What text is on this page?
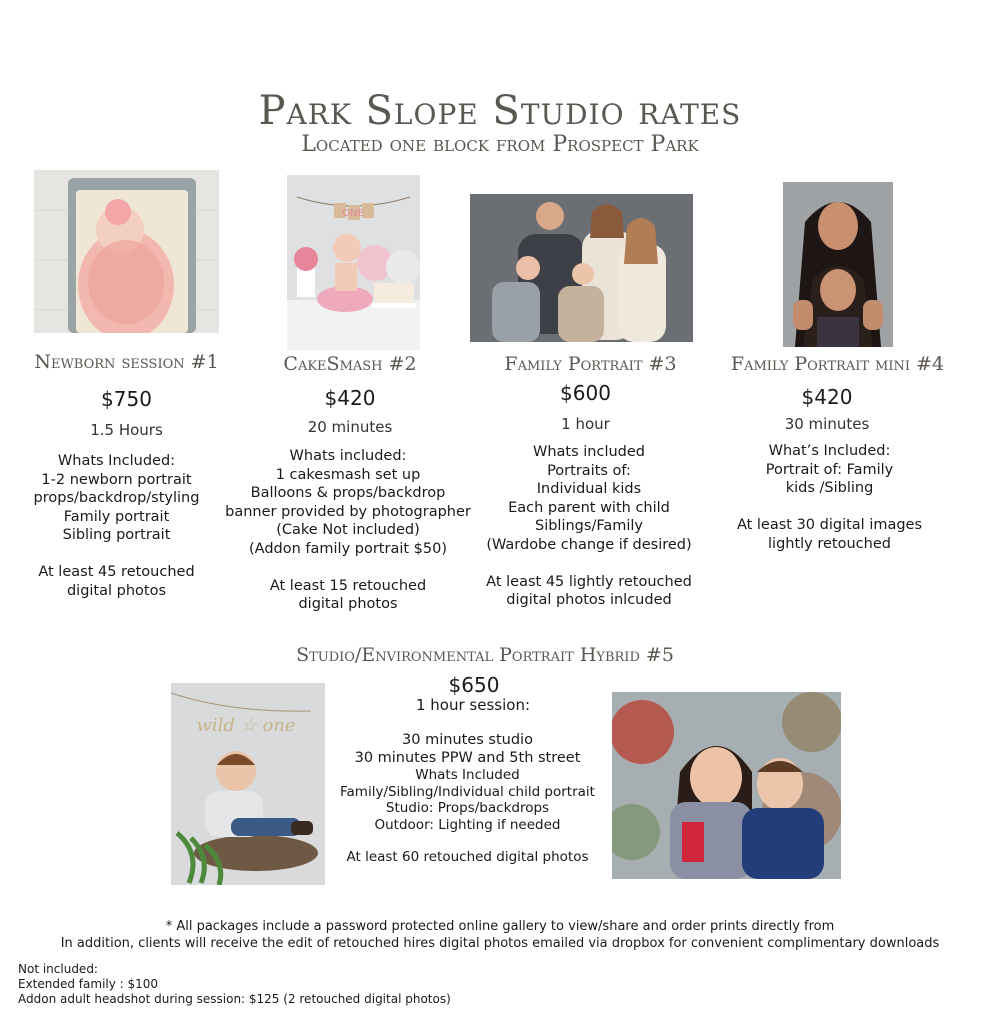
Park Slope Studio rates
Located one block from Prospect Park
ONE
Newborn session #1
$750
1.5 Hours
Whats Included:
1-2 newborn portrait
props/backdrop/styling
Family portrait
Sibling portrait
At least 45 retouched
digital photos
CakeSmash #2
$420
20 minutes
Whats included:
1 cakesmash set up
Balloons & props/backdrop
banner provided by photographer
(Cake Not included)
(Addon family portrait $50)
At least 15 retouched
digital photos
Family Portrait #3
$600
1 hour
Whats included
Portraits of:
Individual kids
Each parent with child
Siblings/Family
(Wardobe change if desired)
At least 45 lightly retouched
digital photos inlcuded
Family Portrait mini #4
$420
30 minutes
What’s Included:
Portrait of: Family
kids /Sibling
At least 30 digital images
lightly retouched
Studio/Environmental Portrait Hybrid #5
$650
1 hour session:
30 minutes studio
30 minutes PPW and 5th street
Whats Included
Family/Sibling/Individual child portrait
Studio: Props/backdrops
Outdoor: Lighting if needed
At least 60 retouched digital photos
wild ☆ one
* All packages include a password protected online gallery to view/share and order prints directly from
In addition, clients will receive the edit of retouched hires digital photos emailed via dropbox for convenient complimentary downloads
Not included:
Extended family : $100
Addon adult headshot during session: $125 (2 retouched digital photos)
